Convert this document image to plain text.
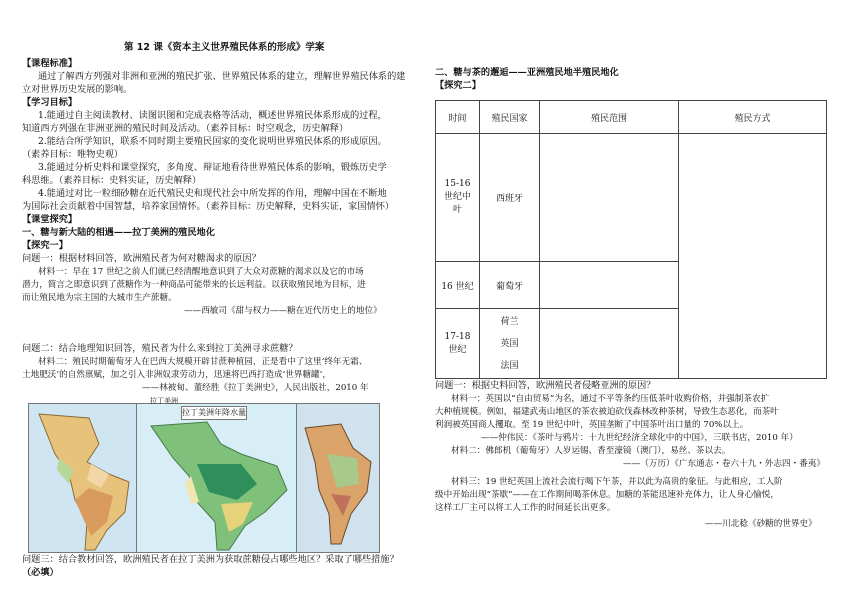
第 12 课《资本主义世界殖民体系的形成》学案
【课程标准】
通过了解西方列强对非洲和亚洲的殖民扩张、世界殖民体系的建立，理解世界殖民体系的建
立对世界历史发展的影响。
【学习目标】
1.能通过自主阅读教材、读图识图和完成表格等活动，概述世界殖民体系形成的过程，
知道西方列强在非洲亚洲的殖民时间及活动。（素养目标：时空观念，历史解释）
2.能结合所学知识，联系不同时期主要殖民国家的变化说明世界殖民体系的形成原因。
（素养目标：唯物史观）
3.能通过分析史料和课堂探究，多角度、辩证地看待世界殖民体系的影响，锻炼历史学
科思维。（素养目标：史料实证，历史解释）
4.能通过对比一粒细砂糖在近代殖民史和现代社会中所发挥的作用，理解中国在不断地
为国际社会贡献着中国智慧，培养家国情怀。（素养目标：历史解释，史料实证，家国情怀）
【课堂探究】
一、糖与新大陆的相遇——拉丁美洲的殖民地化
【探究一】
问题一：根据材料回答，欧洲殖民者为何对糖渴求的原因？
材料一：早在 17 世纪之前人们就已经清醒地意识到了大众对蔗糖的渴求以及它的市场
潜力，简言之即意识到了蔗糖作为一种商品可能带来的长远利益。以获取殖民地为目标，进
而让殖民地为宗主国的大城市生产蔗糖。
——西敏司《甜与权力——糖在近代历史上的地位》
问题二：结合地理知识回答，殖民者为什么来到拉丁美洲寻求蔗糖？
材料二：殖民时期葡萄牙人在巴西大规模开辟甘蔗种植园，正是看中了这里‘终年无霜、
土地肥沃’的自然禀赋，加之引入非洲奴隶劳动力，迅速将巴西打造成‘世界糖罐’，
——林被甸、董经胜《拉丁美洲史》，人民出版社，2010 年
问题三：结合教材回答，欧洲殖民者在拉丁美洲为获取蔗糖侵占哪些地区？采取了哪些措施？
（必填）
拉丁美洲年降水量
拉丁美洲
二、糖与茶的邂逅——亚洲殖民地半殖民地化
【探究二】
时间	殖民国家	殖民范围	殖民方式
15-16 世纪中叶	西班牙		
16 世纪	葡萄牙		
17-18 世纪	荷兰
英国
法国		

问题一：根据史料回答，欧洲殖民者侵略亚洲的原因？
材料一：英国以“自由贸易”为名，通过不平等条约压低茶叶收购价格，并强制茶农扩
大种植规模。例如，福建武夷山地区的茶农被迫砍伐森林改种茶树，导致生态恶化，而茶叶
利润被英国商人攫取。至 19 世纪中叶，英国垄断了中国茶叶出口量的 70%以上。
——仲伟民：《茶叶与鸦片：十九世纪经济全球化中的中国》，三联书店，2010 年）
材料二：佛郎机（葡萄牙）人岁运锡、香至濠镜（澳门），易丝、茶以去。
——（万历）《广东通志・卷六十九・外志四・番夷》
材料三：19 世纪英国上流社会流行喝下午茶，并以此为高贵的象征。与此相应，工人阶
级中开始出现“茶歇”——在工作期间喝茶休息。加糖的茶能迅速补充体力，让人身心愉悦，
这样工厂主可以将工人工作的时间延长出更多。
——川北稔《砂糖的世界史》
